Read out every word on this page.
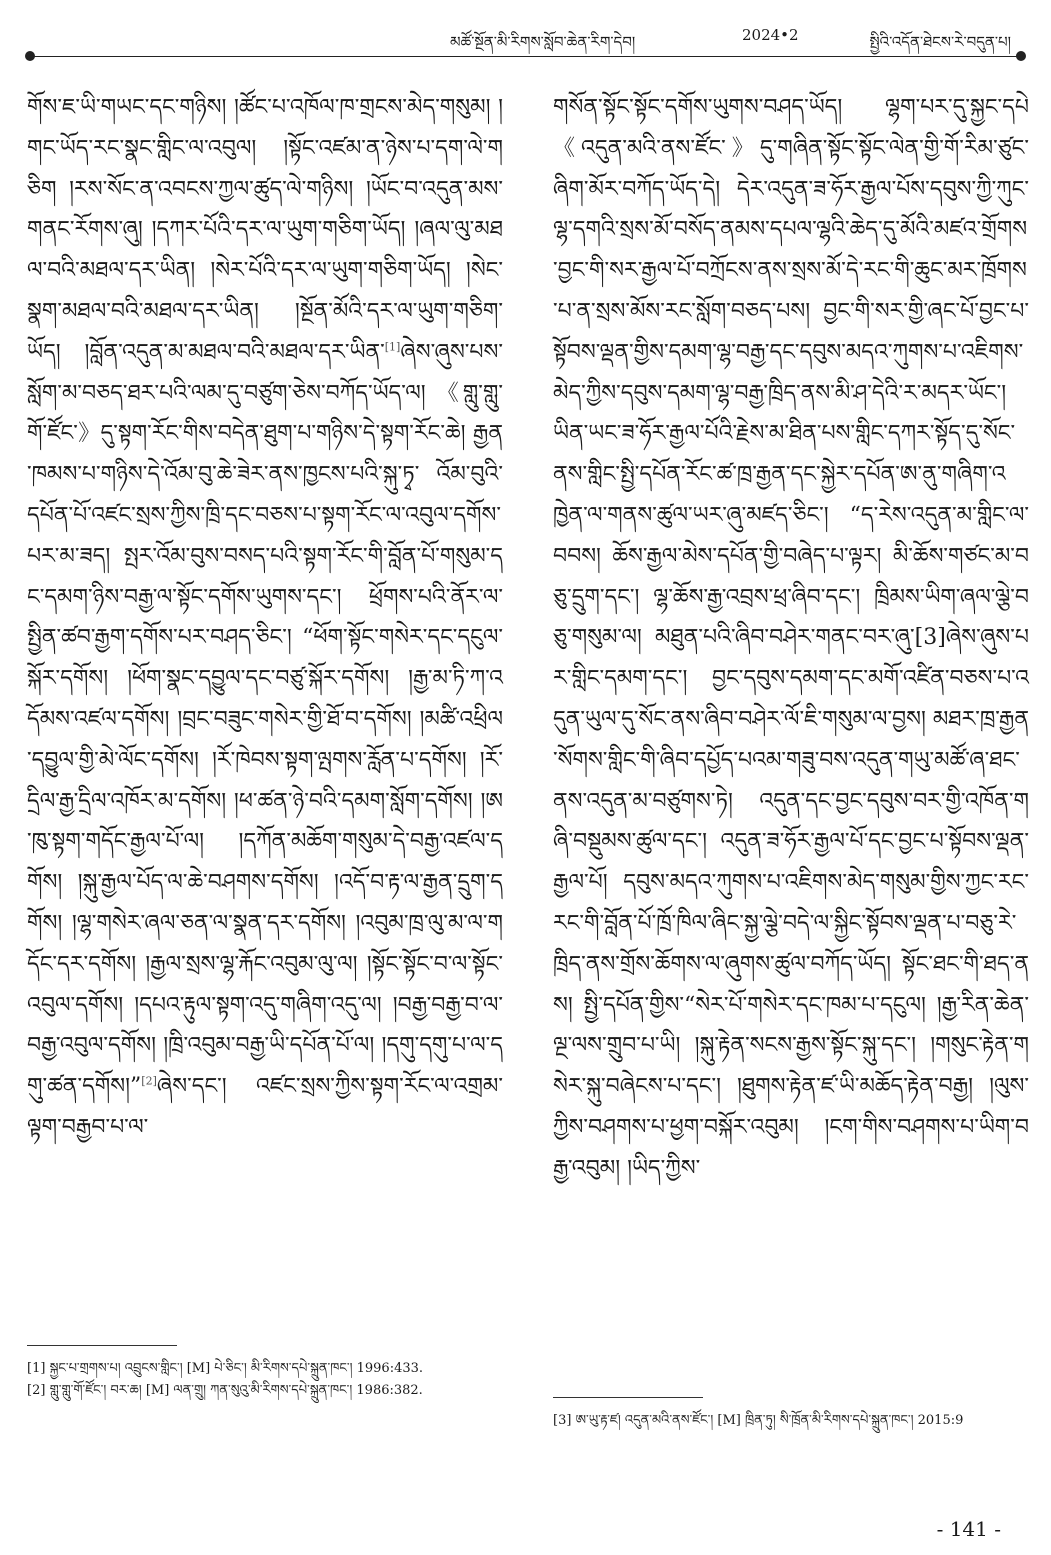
མཚོ་སྔོན་མི་རིགས་སློབ་ཆེན་རིག་དེབ།	2024•2	སྤྱིའི་འདོན་ཐེངས་རེ་བདུན་པ།

གོས་ཇ་ཡི་གཡང་དང་གཉིས། །ཚོང་པ་འཁོལ་ཁ་གྲངས་མེད་གསུམ། །གང་ཡོད་རང་སྣང་གླིང་ལ་འབུལ། །སྟོང་འཛམ་ན་ཉེས་པ་དག་ལེ་གཅིག །རས་སོང་ན་འབངས་ཀྱལ་ཚུད་ལེ་གཉིས། །ཡོང་བ་འདུན་མས་གནང་རོགས་ཞུ། །དཀར་པོའི་དར་ལ་ཡུག་གཅིག་ཡོད། །ཞལ་ལུ་མཐལ་བའི་མཐལ་དར་ཡིན། །སེར་པོའི་དར་ལ་ཡུག་གཅིག་ཡོད། །སེང་སྣག་མཐལ་བའི་མཐལ་དར་ཡིན། །སྔོན་མོའི་དར་ལ་ཡུག་གཅིག་ཡོད། །བློན་འདུན་མ་མཐལ་བའི་མཐལ་དར་ཡིན་[1]ཞེས་ཞུས་པས་སློག་མ་བཅད་ཐར་པའི་ལམ་དུ་བཙུག་ཅེས་བཀོད་ཡོད་ལ། 《གླུ་གླུ་གོ་ཛོང་》དུ་སྟག་རོང་གིས་བདེན་ཐུག་པ་གཉིས་དེ་སྟག་རོང་ཆེ། རྒྱན་ཁམས་པ་གཉིས་དེ་འོམ་བུ་ཆེ་ཟེར་ནས་ཁྱངས་པའི་སྐུ་ཏྭ་ འོམ་བུའི་དཔོན་པོ་འཛང་སྲས་ཀྱིས་ཁྲི་དང་བཅས་པ་སྟག་རོང་ལ་འབུལ་དགོས་པར་མ་ཟད། སྤར་འོམ་བུས་བསད་པའི་སྟག་རོང་གི་བློན་པོ་གསུམ་དང་དམག་ཉིས་བརྒྱ་ལ་སྟོང་དགོས་ཡུགས་དང་། ཕྲོགས་པའི་ནོར་ལ་སྤྱིན་ཚབ་རྒྱག་དགོས་པར་བཤད་ཅིང་། “ཕོག་སྟོང་གསེར་དང་དངུལ་སྐོར་དགོས། །ཕོག་སྣང་དབྱུལ་དང་བཙུ་སྐོར་དགོས། །རྒྱ་མ་ཏི་ཀ་འདོམས་འཛལ་དགོས། །བྲང་བཟུང་གསེར་གྱི་ཐོ་བ་དགོས། །མཚི་འཕྲིལ་དབྱུལ་གྱི་མེ་ལོང་དགོས། །རོ་ཁེབས་སྟག་ལྤགས་རློན་པ་དགོས། །རོ་དྲིལ་རྒྱ་དྲིལ་འཁོར་མ་དགོས། །ཕ་ཚན་ཉེ་བའི་དམག་སློག་དགོས། །ཨ་ཁུ་སྟག་གདོང་རྒྱལ་པོ་ལ། །དཀོན་མཆོག་གསུམ་དེ་བརྒྱ་འཛལ་དགོས། །སྐུ་རྒྱལ་པོད་ལ་ཆེ་བཤགས་དགོས། །འདོ་བ་རྟ་ལ་རྒྱན་དྲུག་དགོས། །ལྷ་གསེར་ཞལ་ཅན་ལ་སྣན་དར་དགོས། །འབུམ་ཁྲ་ལུ་མ་ལ་གདོང་དར་དགོས། །རྒྱལ་སྲས་ལྷ་རྐོང་འབུམ་ལུ་ལ། །སྟོང་སྟོང་བ་ལ་སྟོང་འབུལ་དགོས། །དཔའ་རྟུལ་སྟག་འདུ་གཞིག་འདུ་ལ། །བརྒྱ་བརྒྱ་བ་ལ་བརྒྱ་འབུལ་དགོས། །ཁྲི་འབུམ་བརྒྱ་ཡི་དཔོན་པོ་ལ། །དགུ་དགུ་པ་ལ་དགུ་ཚན་དགོས།”[2]ཞེས་དང་། འཛང་སྲས་ཀྱིས་སྟག་རོང་ལ་འགྲམ་ལྟག་བརྒྱབ་པ་ལ་

གསོན་སྟོང་སྟོང་དགོས་ཡུགས་བཤད་ཡོད། ལྷག་པར་དུ་སྐྱང་དཔེ《འདུན་མའི་ནས་ཛོང་》དུ་གཞིན་སྟོང་སྟོང་ལེན་གྱི་གོ་རིམ་ཙུང་ཞིག་མོར་བཀོད་ཡོད་དེ། དེར་འདུན་ཟ་ཧོར་རྒྱལ་པོས་དབུས་ཀྱི་ཀུང་ལྷ་དགའི་སྲས་མོ་བསོད་ནམས་དཔལ་ལྷའི་ཆེད་དུ་མོའི་མཛའ་གྲོགས་བྱང་གི་སར་རྒྱལ་པོ་བཀྲོངས་ནས་སྲས་མོ་དེ་རང་གི་ཆུང་མར་ཁྲོགས་པ་ན་སྲས་མོས་རང་སློག་བཅད་པས། བྱང་གི་སར་གྱི་ཞང་པོ་བྱང་པ་སྟོབས་ལྡན་གྱིས་དམག་ལྷ་བརྒྱ་དང་དབུས་མདའ་ཀུགས་པ་འཇིགས་མེད་ཀྱིས་དབུས་དམག་ལྷ་བརྒྱ་ཁྲིད་ནས་མི་ཤ་དེའི་ར་མདར་ཡོང་། ཡིན་ཡང་ཟ་ཧོར་རྒྱལ་པོའི་རྗེས་མ་ཐིན་པས་གླིང་དཀར་སྟོད་དུ་སོང་ནས་གླིང་སྤྱི་དཔོན་རོང་ཚ་ཁྲ་རྒྱན་དང་སྐྱེར་དཔོན་ཨ་ནུ་གཞིག་འཁྱེན་ལ་གནས་ཚུལ་ཡར་ཞུ་མཛད་ཅིང་། “ད་རེས་འདུན་མ་གླིང་ལ་བབས། ཆོས་རྒྱལ་མེས་དཔོན་གྱི་བཞེད་པ་ལྟར། མི་ཆོས་གཙང་མ་བཅུ་དྲུག་དང་། ལྷ་ཆོས་རྒྱ་འབྲས་ཕྲ་ཞིབ་དང་། ཁྲིམས་ཡིག་ཞལ་ལྕེ་བཅུ་གསུམ་ལ། མཐུན་པའི་ཞིབ་བཤེར་གནང་བར་ཞུ་[3]ཞེས་ཞུས་པར་གླིང་དམག་དང་། བྱང་དབུས་དམག་དང་མགོ་འཛིན་བཅས་པ་འདུན་ཡུལ་དུ་སོང་ནས་ཞིབ་བཤེར་ལོ་ཇི་གསུམ་ལ་བྱས། མཐར་ཁྲ་རྒྱན་སོགས་གླིང་གི་ཞིབ་དཔྱོད་པའམ་གཟུ་བས་འདུན་གཡུ་མཚོ་ཞ་ཐང་ནས་འདུན་མ་བཙུགས་ཏེ། འདུན་དང་བྱང་དབུས་བར་གྱི་འཁོན་གཞི་བསྡུམས་ཚུལ་དང་། འདུན་ཟ་ཧོར་རྒྱལ་པོ་དང་བྱང་པ་སྟོབས་ལྡན་རྒྱལ་པོ། དབུས་མདའ་ཀུགས་པ་འཇིགས་མེད་གསུམ་གྱིས་ཀྱང་རང་རང་གི་བློན་པོ་ཁྲོ་ཁིལ་ཞིང་སྐྱ་ལྕེ་བདེ་ལ་སྐྱིང་སྟོབས་ལྡན་པ་བཅུ་རེ་ཁྲིད་ནས་གྲོས་ཆོགས་ལ་ཞུགས་ཚུལ་བཀོད་ཡོད། སྟོང་ཐང་གི་ཐད་ནས། སྤྱི་དཔོན་གྱིས་“སེར་པོ་གསེར་དང་ཁམ་པ་དངུལ། །རྒྱ་རིན་ཆེན་ལྔ་ལས་གྲུབ་པ་ཡི། །སྐུ་རྟེན་སངས་རྒྱས་སྟོང་སྐུ་དང་། །གསུང་རྟེན་གསེར་སྐུ་བཞེངས་པ་དང་། །ཐུགས་རྟེན་ཛ་ཡི་མཆོད་རྟེན་བརྒྱ། །ལུས་ཀྱིས་བཤགས་པ་ཕྱག་བསྐོར་འབུམ། །ངག་གིས་བཤགས་པ་ཡིག་བརྒྱ་འབུམ། །ཡིད་ཀྱིས་

[1] སྐྱང་པ་གྲགས་པ། འབྲུངས་གླིང་། [M] པེ་ཅིང་། མི་རིགས་དཔེ་སྐྲུན་ཁང་། 1996:433.
[2] གླུ་གླུ་གོ་ཛོང་། བར་ཆ། [M] ལན་གྲུ། ཀན་སུའུ་མི་རིགས་དཔེ་སྐྲུན་ཁང་། 1986:382.
[3] ཨ་ཡུ་རྟ་ཛ། འདུན་མའི་ནས་ཛོང་། [M] ཁྲིན་ཏུ། སི་ཁྲོན་མི་རིགས་དཔེ་སྐྲུན་ཁང་། 2015:9
- 141 -
